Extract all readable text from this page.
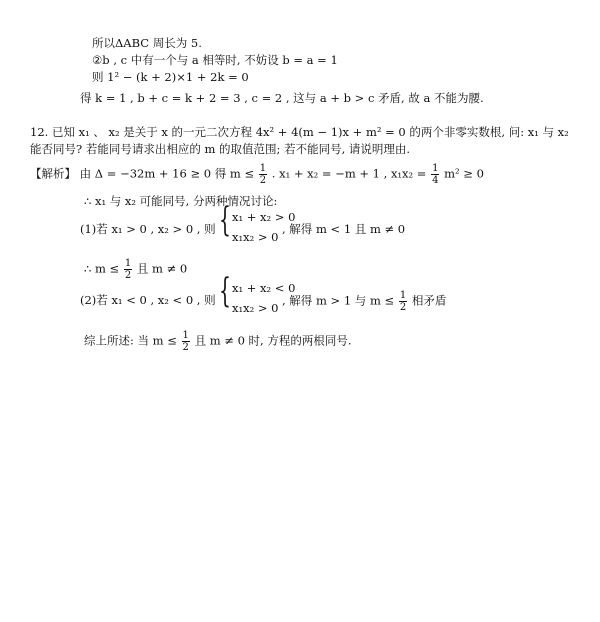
所以ΔABC 周长为 5.
②b , c 中有一个与 a 相等时, 不妨设 b = a = 1
则 1² − (k + 2)×1 + 2k = 0
得 k = 1 , b + c = k + 2 = 3 , c = 2 , 这与 a + b > c 矛盾, 故 a 不能为腰.
12. 已知 x₁ 、 x₂ 是关于 x 的一元二次方程 4x² + 4(m − 1)x + m² = 0 的两个非零实数根, 问: x₁ 与 x₂
能否同号? 若能同号请求出相应的 m 的取值范围; 若不能同号, 请说明理由.
【解析】 由 Δ = −32m + 16 ≥ 0 得 $m \le \frac{1}{2}$ . x₁ + x₂ = −m + 1 , $x_1x_2 = \frac{1}{4} m^2 \ge 0$
∴ x₁ 与 x₂ 可能同号, 分两种情况讨论:
(1)若 x₁ > 0 , x₂ > 0 , 则 { x₁ + x₂ > 0
x₁x₂ > 0
, 解得 m < 1 且 m ≠ 0
∴ $m \le \frac{1}{2}$ 且 m ≠ 0
(2)若 x₁ < 0 , x₂ < 0 , 则 { x₁ + x₂ < 0
x₁x₂ > 0
, 解得 m > 1 与 $m \le \frac{1}{2}$ 相矛盾
综上所述: 当 $m \le \frac{1}{2}$ 且 m ≠ 0 时, 方程的两根同号.
